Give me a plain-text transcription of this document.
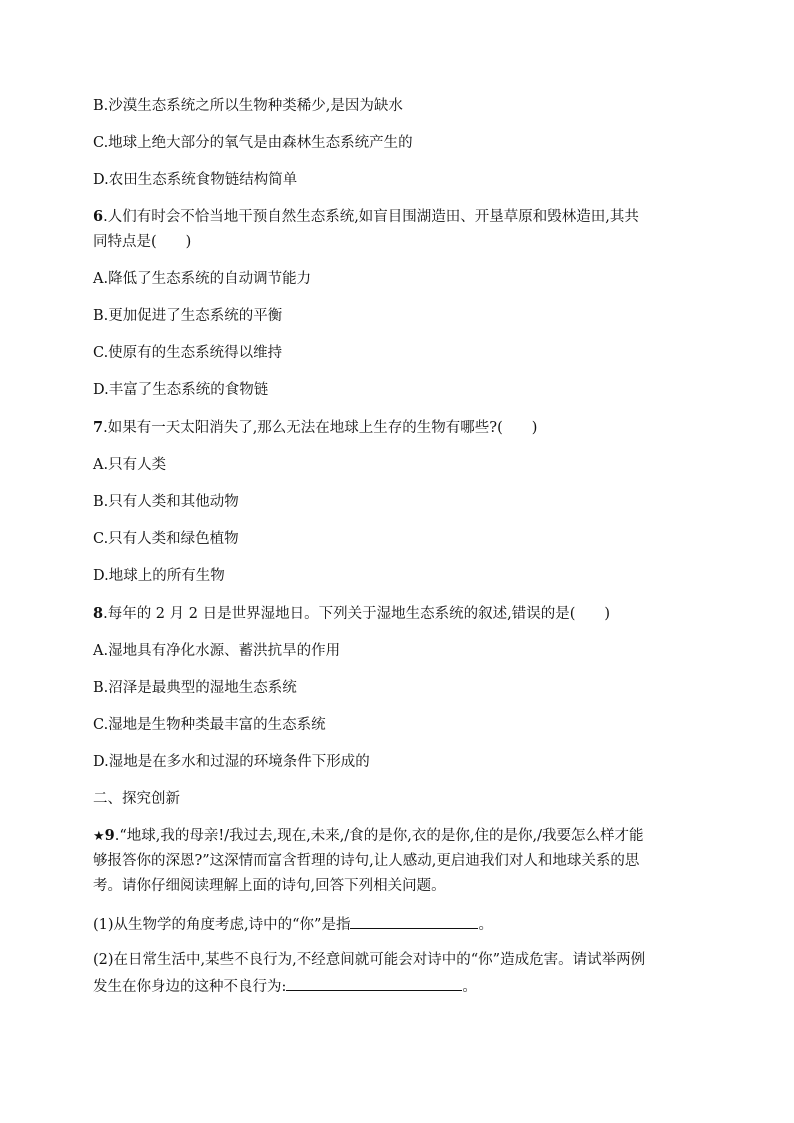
B.沙漠生态系统之所以生物种类稀少,是因为缺水
C.地球上绝大部分的氧气是由森林生态系统产生的
D.农田生态系统食物链结构简单
6.人们有时会不恰当地干预自然生态系统,如盲目围湖造田、开垦草原和毁林造田,其共
同特点是(　　)
A.降低了生态系统的自动调节能力
B.更加促进了生态系统的平衡
C.使原有的生态系统得以维持
D.丰富了生态系统的食物链
7.如果有一天太阳消失了,那么无法在地球上生存的生物有哪些?(　　)
A.只有人类
B.只有人类和其他动物
C.只有人类和绿色植物
D.地球上的所有生物
8.每年的 2 月 2 日是世界湿地日。下列关于湿地生态系统的叙述,错误的是(　　)
A.湿地具有净化水源、蓄洪抗旱的作用
B.沼泽是最典型的湿地生态系统
C.湿地是生物种类最丰富的生态系统
D.湿地是在多水和过湿的环境条件下形成的
二、探究创新
★9.“地球,我的母亲!/我过去,现在,未来,/食的是你,衣的是你,住的是你,/我要怎么样才能
够报答你的深恩?”这深情而富含哲理的诗句,让人感动,更启迪我们对人和地球关系的思
考。请你仔细阅读理解上面的诗句,回答下列相关问题。
(1)从生物学的角度考虑,诗中的“你”是指	。
(2)在日常生活中,某些不良行为,不经意间就可能会对诗中的“你”造成危害。请试举两例
发生在你身边的这种不良行为:	。
